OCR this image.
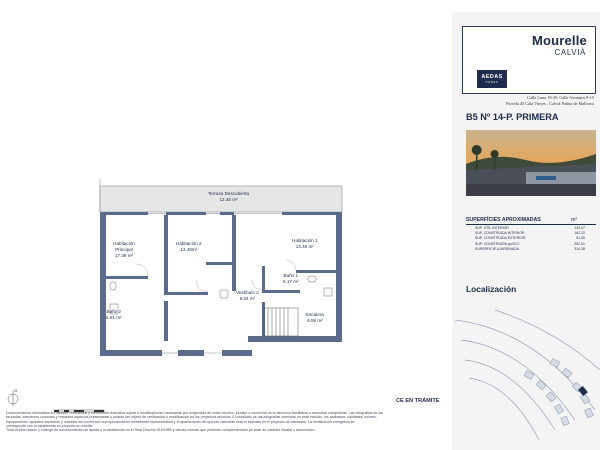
Terraza Descubierta
12.45 m²
Habitación Principal
17.39 m²
Habitación 2
13.49m²
Habitación 1
13.49 m²
Baño 1
5.17 m²
Vestíbulo 2
9.54 m²
Escalera
6.59 m²
Baño 2
5.51 m²
N
Documentación informativa en carácter contractual y meramente ilustrativa sujeta a modificaciones necesarias por exigencias de orden técnico, jurídico o comercial de la dirección facultativa o autoridad competente. Las infografías de las
fachadas, elementos comunes y restantes espacios presentadas y podrán ser objeto de verificación o modificación en los proyectos técnicos. El mobiliario de las infografías interiores no está incluido, los acabados, calidades, colores,
equipamiento, aparatos sanitarios y muebles de cocina son una aproximación meramente representativa y el apartamento del que las viviendas será el indicado en el proyecto de calidades. La certificación energética se
corresponde con la establecida en proyecto en trámite.
Toda la información y entrega de documentación se ajusta a lo establecido en el Real Decreto 515/1989 y demás normas que pudieran complementarlo ya sean de carácter estatal o autonómico.
CE EN TRÁMITE
Mourelle
CALVIÀ
AEDAS
HOMES
Calle Luna 18-29, Calle Geranios 9-15
Parcela 45 Cala Vinyes , Calviá Palma de Mallorca
B5 Nº 14-P. PRIMERA
SUPERFÍCIES APROXIMADAS	m²
SUP. ÚTIL INTERIOR	133,07
SUP. CONSTRUIDA INTERIOR	162,22
SUP. CONSTRUIDA EXTERIOR	91,05
SUP. CONSTRUIDA pp/ZCC	292,51
SUPERFICIE AJARDINADA	314,38
Localización
